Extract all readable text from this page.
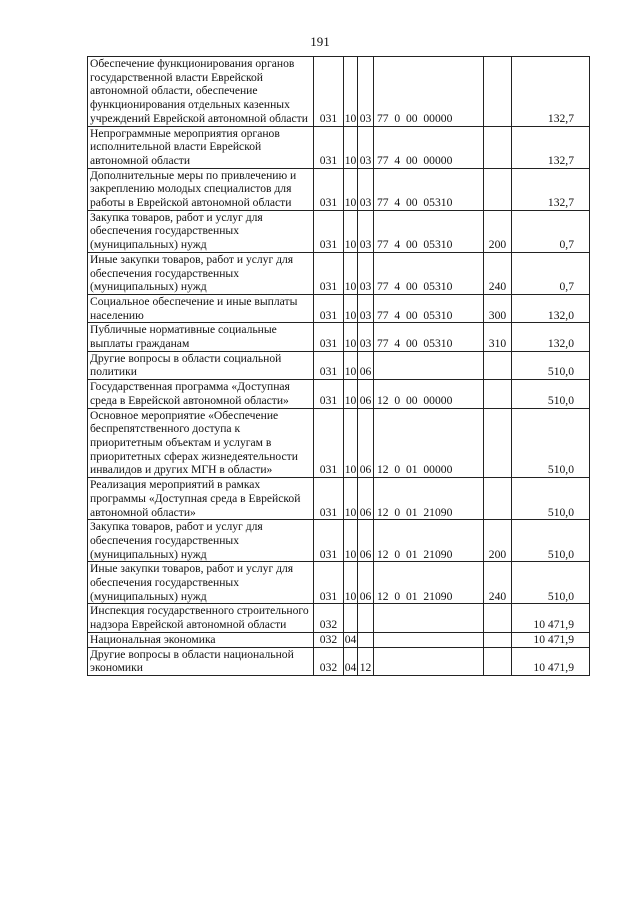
191
Обеспечение функционирования органов государственной власти Еврейской автономной области, обеспечение функционирования отдельных казенных учреждений Еврейской автономной области	031	10	03	77  0  00  00000		132,7
Непрограммные мероприятия органов исполнительной власти Еврейской автономной области	031	10	03	77  4  00  00000		132,7
Дополнительные меры по привлечению и закреплению молодых специалистов для работы в Еврейской автономной области	031	10	03	77  4  00  05310		132,7
Закупка товаров, работ и услуг для обеспечения государственных (муниципальных) нужд	031	10	03	77  4  00  05310	200	0,7
Иные закупки товаров, работ и услуг для обеспечения государственных (муниципальных) нужд	031	10	03	77  4  00  05310	240	0,7
Социальное обеспечение и иные выплаты населению	031	10	03	77  4  00  05310	300	132,0
Публичные нормативные социальные выплаты гражданам	031	10	03	77  4  00  05310	310	132,0
Другие вопросы в области социальной политики	031	10	06			510,0
Государственная программа «Доступная среда в Еврейской автономной области»	031	10	06	12  0  00  00000		510,0
Основное мероприятие «Обеспечение беспрепятственного доступа к приоритетным объектам и услугам в приоритетных сферах жизнедеятельности инвалидов и других МГН в области»	031	10	06	12  0  01  00000		510,0
Реализация мероприятий в рамках программы «Доступная среда в Еврейской автономной области»	031	10	06	12  0  01  21090		510,0
Закупка товаров, работ и услуг для обеспечения государственных (муниципальных) нужд	031	10	06	12  0  01  21090	200	510,0
Иные закупки товаров, работ и услуг для обеспечения государственных (муниципальных) нужд	031	10	06	12  0  01  21090	240	510,0
Инспекция государственного строительного надзора Еврейской автономной области	032					10 471,9
Национальная экономика	032	04				10 471,9
Другие вопросы в области национальной экономики	032	04	12			10 471,9
